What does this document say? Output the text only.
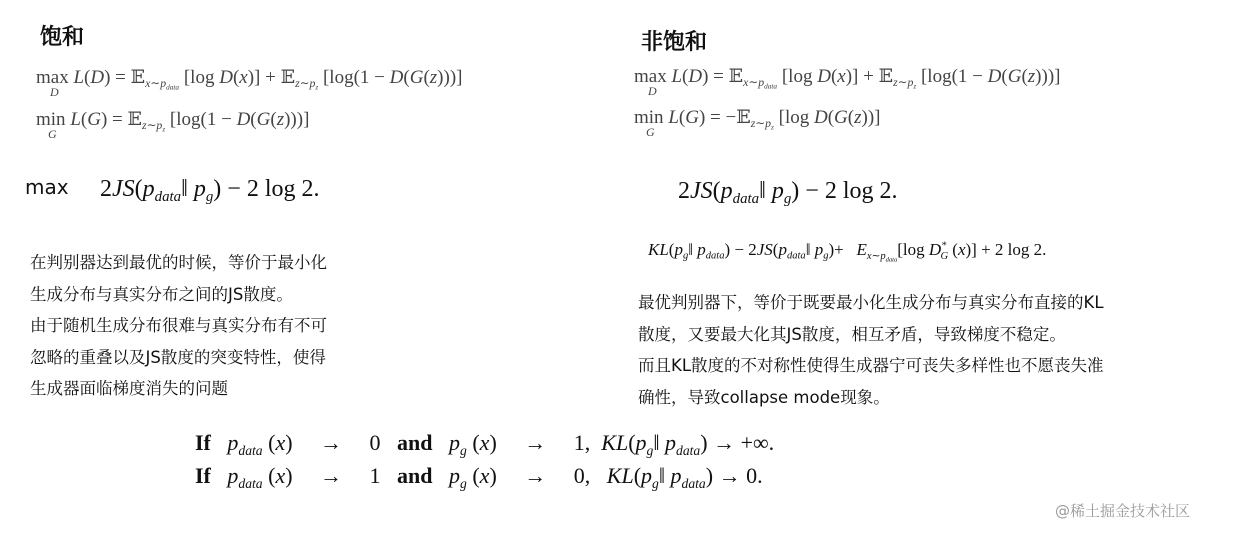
饱和
max
D
L(D) = 𝔼$_{x\sim p_{data}}$ [log D(x)] + 𝔼$_{z\sim p_z}$ [log(1 − D(G(z)))]
min
G
L(G) = 𝔼$_{z\sim p_z}$ [log(1 − D(G(z)))]
$\max 2JS(p_{data}‖$ $p_g) - 2$ log 2.
在判别器达到最优的时候，等价于最小化
生成分布与真实分布之间的JS散度。
由于随机生成分布很难与真实分布有不可
忽略的重叠以及JS散度的突变特性，使得
生成器面临梯度消失的问题
非饱和
max
D
L(D) = 𝔼$_{x\sim p_{data}}$ [log D(x)] + 𝔼$_{z\sim p_z}$ [log(1 − D(G(z)))]
min
G
L(G) = −𝔼$_{z\sim p_z}$ [log D(G(z))]
$2JS(p_{data}‖$ $p_g) - 2$ log 2.
$KL(p_g‖$ $p_{data}$) − $2JS(p_{data}‖$ $p_g)+ E_{x\sim p_{data}}[\log$ $D^*_G$ (x)] + 2 log 2.
最优判别器下，等价于既要最小化生成分布与真实分布直接的KL
散度，又要最大化其JS散度，相互矛盾，导致梯度不稳定。
而且KL散度的不对称性使得生成器宁可丧失多样性也不愿丧失准
确性，导致collapse mode现象。
If $p_{data}$ (x)     → 0 and $p_g$ (x)     → 1, $KL(p_g‖$ $p_{data}$) → +∞.
If $p_{data}$ (x)     → 1 and $p_g$ (x)     → 0, $KL(p_g‖$ $p_{data}) \to 0$.
@稀土掘金技术社区
